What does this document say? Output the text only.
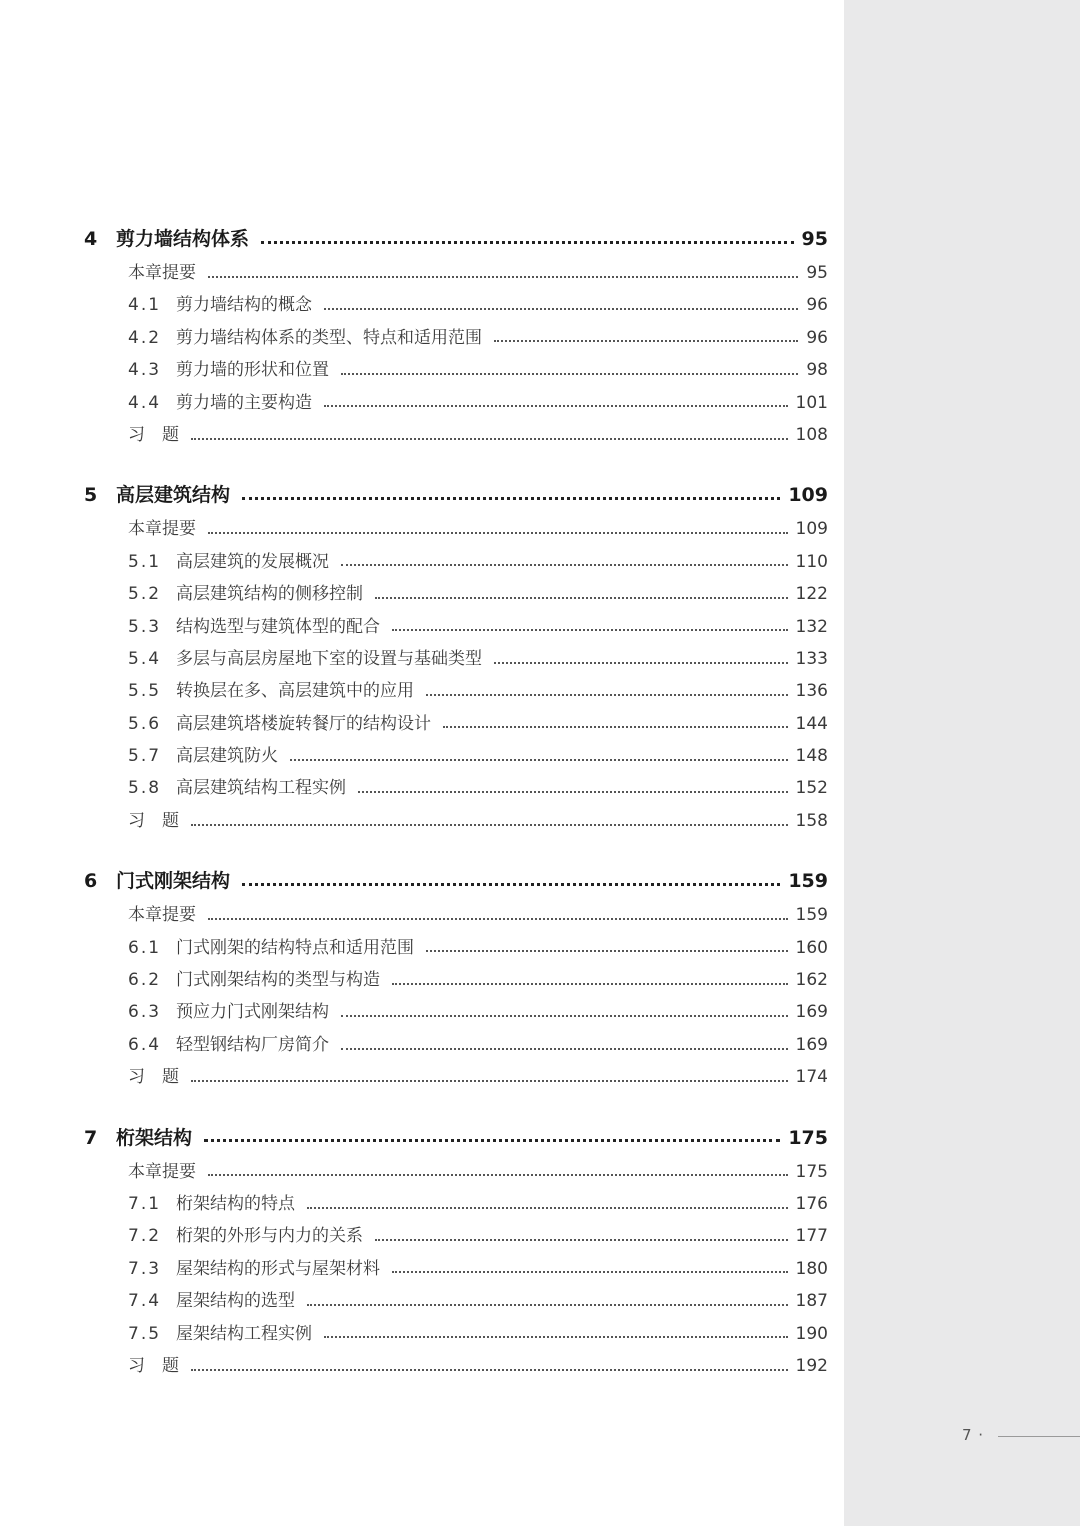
4 剪力墙结构体系	95
本章提要	95
4.1 剪力墙结构的概念	96
4.2 剪力墙结构体系的类型、特点和适用范围	96
4.3 剪力墙的形状和位置	98
4.4 剪力墙的主要构造	101
习　题	108
5 高层建筑结构	109
本章提要	109
5.1 高层建筑的发展概况	110
5.2 高层建筑结构的侧移控制	122
5.3 结构选型与建筑体型的配合	132
5.4 多层与高层房屋地下室的设置与基础类型	133
5.5 转换层在多、高层建筑中的应用	136
5.6 高层建筑塔楼旋转餐厅的结构设计	144
5.7 高层建筑防火	148
5.8 高层建筑结构工程实例	152
习　题	158
6 门式刚架结构	159
本章提要	159
6.1 门式刚架的结构特点和适用范围	160
6.2 门式刚架结构的类型与构造	162
6.3 预应力门式刚架结构	169
6.4 轻型钢结构厂房简介	169
习　题	174
7 桁架结构	175
本章提要	175
7.1 桁架结构的特点	176
7.2 桁架的外形与内力的关系	177
7.3 屋架结构的形式与屋架材料	180
7.4 屋架结构的选型	187
7.5 屋架结构工程实例	190
习　题	192
7 ·
